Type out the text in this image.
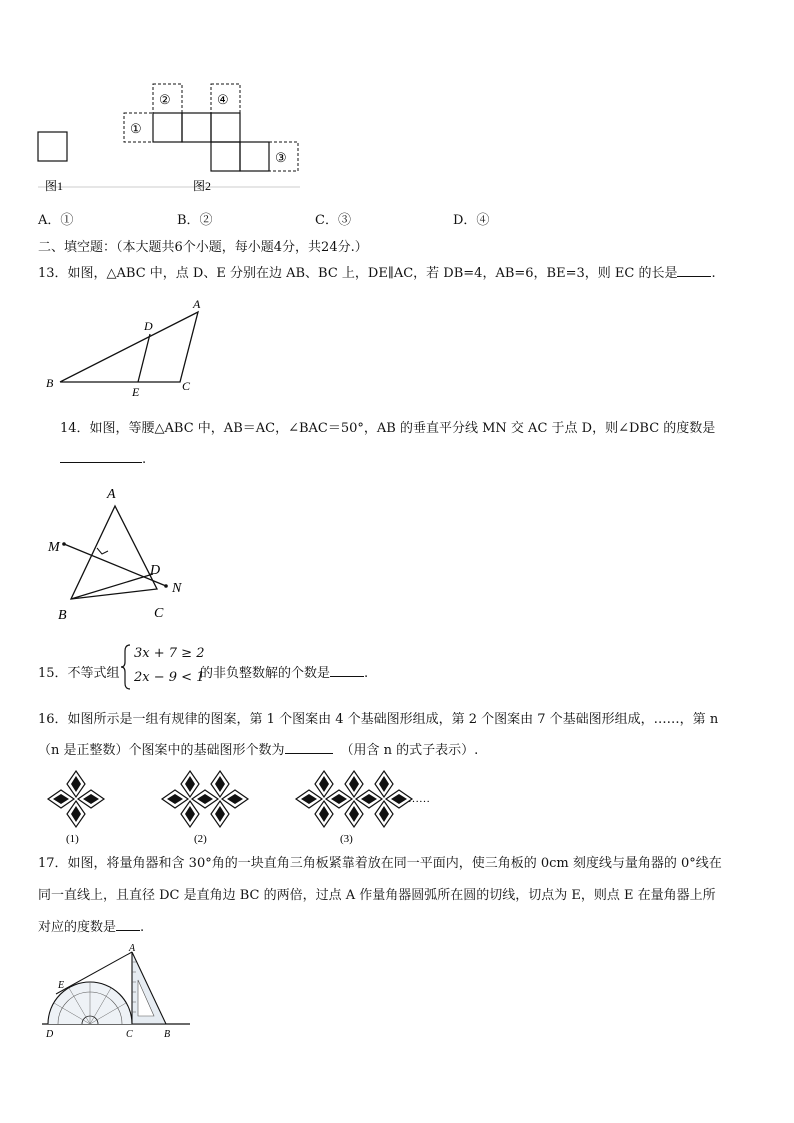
①
②	④
③
图1	图2
A．①	B．②	C．③	D．④
二、填空题：（本大题共6个小题，每小题4分，共24分.）
13．如图，△ABC 中，点 D、E 分别在边 AB、BC 上，DE∥AC，若 DB=4，AB=6，BE=3，则 EC 的长是	.
A
B	C
D
E
14．如图，等腰△ABC 中，AB＝AC，∠BAC＝50°，AB 的垂直平分线 MN 交 AC 于点 D，则∠DBC 的度数是
.
A
M
D
N
B	C
15．不等式组
3x + 7 ≥ 2
2x − 9 < 1
的非负整数解的个数是	.
16．如图所示是一组有规律的图案，第 1 个图案由 4 个基础图形组成，第 2 个图案由 7 个基础图形组成，……，第 n
（n 是正整数）个图案中的基础图形个数为	（用含 n 的式子表示）.
……
(1)	(2)	(3)
17．如图，将量角器和含 30°角的一块直角三角板紧靠着放在同一平面内，使三角板的 0cm 刻度线与量角器的 0°线在
同一直线上，且直径 DC 是直角边 BC 的两倍，过点 A 作量角器圆弧所在圆的切线，切点为 E，则点 E 在量角器上所
对应的度数是 .
A
E
D	C	B
